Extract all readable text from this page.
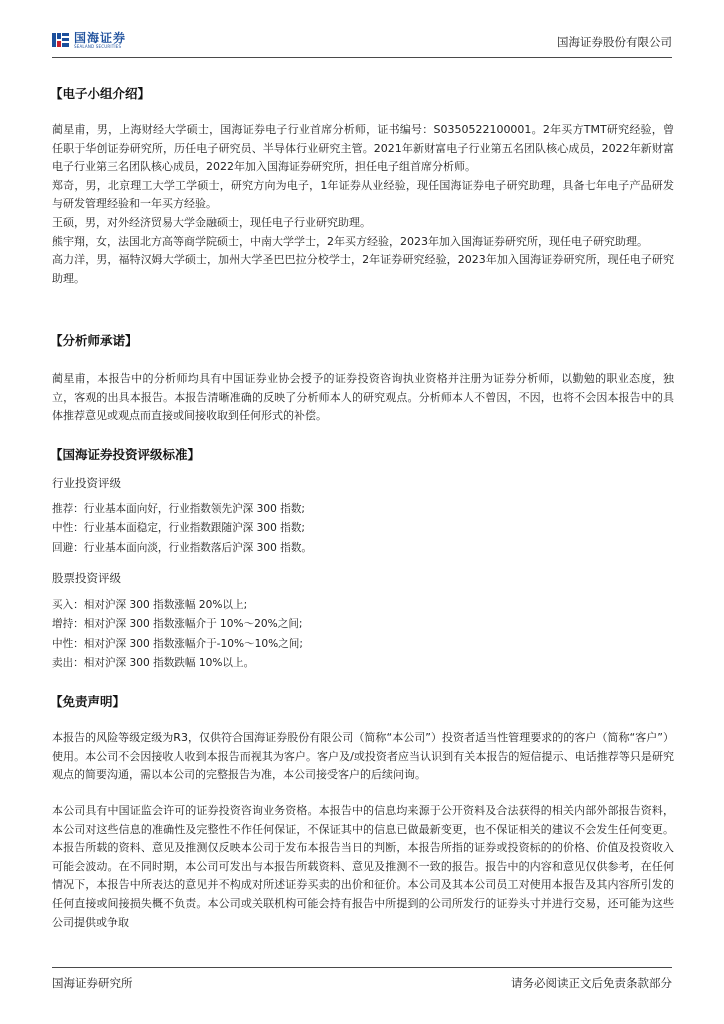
国海证券
SEALAND SECURITIES	国海证券股份有限公司
【电子小组介绍】

蔺星甫，男，上海财经大学硕士，国海证券电子行业首席分析师，证书编号：S0350522100001。2年买方TMT研究经验，曾任职于华创证券研究所，历任电子研究员、半导体行业研究主管。2021年新财富电子行业第五名团队核心成员，2022年新财富电子行业第三名团队核心成员，2022年加入国海证券研究所，担任电子组首席分析师。

郑奇，男，北京理工大学工学硕士，研究方向为电子，1年证券从业经验，现任国海证券电子研究助理，具备七年电子产品研发与研发管理经验和一年买方经验。

王硕，男，对外经济贸易大学金融硕士，现任电子行业研究助理。

熊宇翔，女，法国北方高等商学院硕士，中南大学学士，2年买方经验，2023年加入国海证券研究所，现任电子研究助理。

高力洋，男，福特汉姆大学硕士，加州大学圣巴巴拉分校学士，2年证券研究经验，2023年加入国海证券研究所，现任电子研究助理。

【分析师承诺】
蔺星甫，本报告中的分析师均具有中国证券业协会授予的证券投资咨询执业资格并注册为证券分析师，以勤勉的职业态度，独立，客观的出具本报告。本报告清晰准确的反映了分析师本人的研究观点。分析师本人不曾因，不因，也将不会因本报告中的具体推荐意见或观点而直接或间接收取到任何形式的补偿。
【国海证券投资评级标准】
行业投资评级
推荐：行业基本面向好，行业指数领先沪深 300 指数;
中性：行业基本面稳定，行业指数跟随沪深 300 指数;
回避：行业基本面向淡，行业指数落后沪深 300 指数。
股票投资评级
买入：相对沪深 300 指数涨幅 20%以上;
增持：相对沪深 300 指数涨幅介于 10%～20%之间;
中性：相对沪深 300 指数涨幅介于-10%～10%之间;
卖出：相对沪深 300 指数跌幅 10%以上。
【免责声明】
本报告的风险等级定级为R3，仅供符合国海证券股份有限公司（简称“本公司”）投资者适当性管理要求的的客户（简称“客户”）使用。本公司不会因接收人收到本报告而视其为客户。客户及/或投资者应当认识到有关本报告的短信提示、电话推荐等只是研究观点的简要沟通，需以本公司的完整报告为准，本公司接受客户的后续问询。
本公司具有中国证监会许可的证券投资咨询业务资格。本报告中的信息均来源于公开资料及合法获得的相关内部外部报告资料，本公司对这些信息的准确性及完整性不作任何保证，不保证其中的信息已做最新变更，也不保证相关的建议不会发生任何变更。本报告所载的资料、意见及推测仅反映本公司于发布本报告当日的判断，本报告所指的证券或投资标的的价格、价值及投资收入可能会波动。在不同时期，本公司可发出与本报告所载资料、意见及推测不一致的报告。报告中的内容和意见仅供参考，在任何情况下，本报告中所表达的意见并不构成对所述证券买卖的出价和征价。本公司及其本公司员工对使用本报告及其内容所引发的任何直接或间接损失概不负责。本公司或关联机构可能会持有报告中所提到的公司所发行的证券头寸并进行交易，还可能为这些公司提供或争取
国海证券研究所	请务必阅读正文后免责条款部分
